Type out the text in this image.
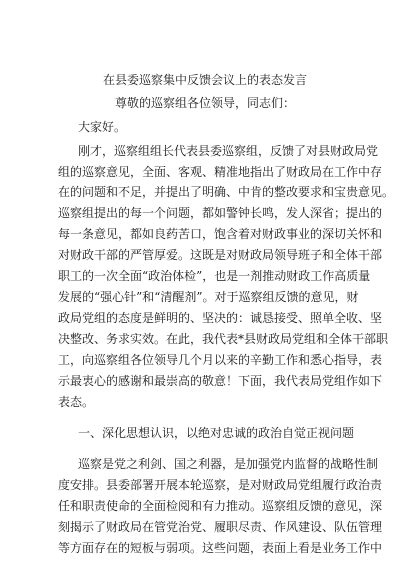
在县委巡察集中反馈会议上的表态发言
尊敬的巡察组各位领导，同志们：
大家好。
刚才，巡察组组长代表县委巡察组，反馈了对县财政局党
组的巡察意见，全面、客观、精准地指出了财政局在工作中存
在的问题和不足，并提出了明确、中肯的整改要求和宝贵意见。
巡察组提出的每一个问题，都如警钟长鸣，发人深省；提出的
每一条意见，都如良药苦口，饱含着对财政事业的深切关怀和
对财政干部的严管厚爱。这既是对财政局领导班子和全体干部
职工的一次全面“政治体检”，也是一剂推动财政工作高质量
发展的“强心针”和“清醒剂”。对于巡察组反馈的意见，财
政局党组的态度是鲜明的、坚决的：诚恳接受、照单全收、坚
决整改、务求实效。在此，我代表*县财政局党组和全体干部职
工，向巡察组各位领导几个月以来的辛勤工作和悉心指导，表
示最衷心的感谢和最崇高的敬意！下面，我代表局党组作如下
表态。
一、深化思想认识，以绝对忠诚的政治自觉正视问题
巡察是党之利剑、国之利器，是加强党内监督的战略性制
度安排。县委部署开展本轮巡察，是对财政局党组履行政治责
任和职责使命的全面检阅和有力推动。巡察组反馈的意见，深
刻揭示了财政局在管党治党、履职尽责、作风建设、队伍管理
等方面存在的短板与弱项。这些问题，表面上看是业务工作中
